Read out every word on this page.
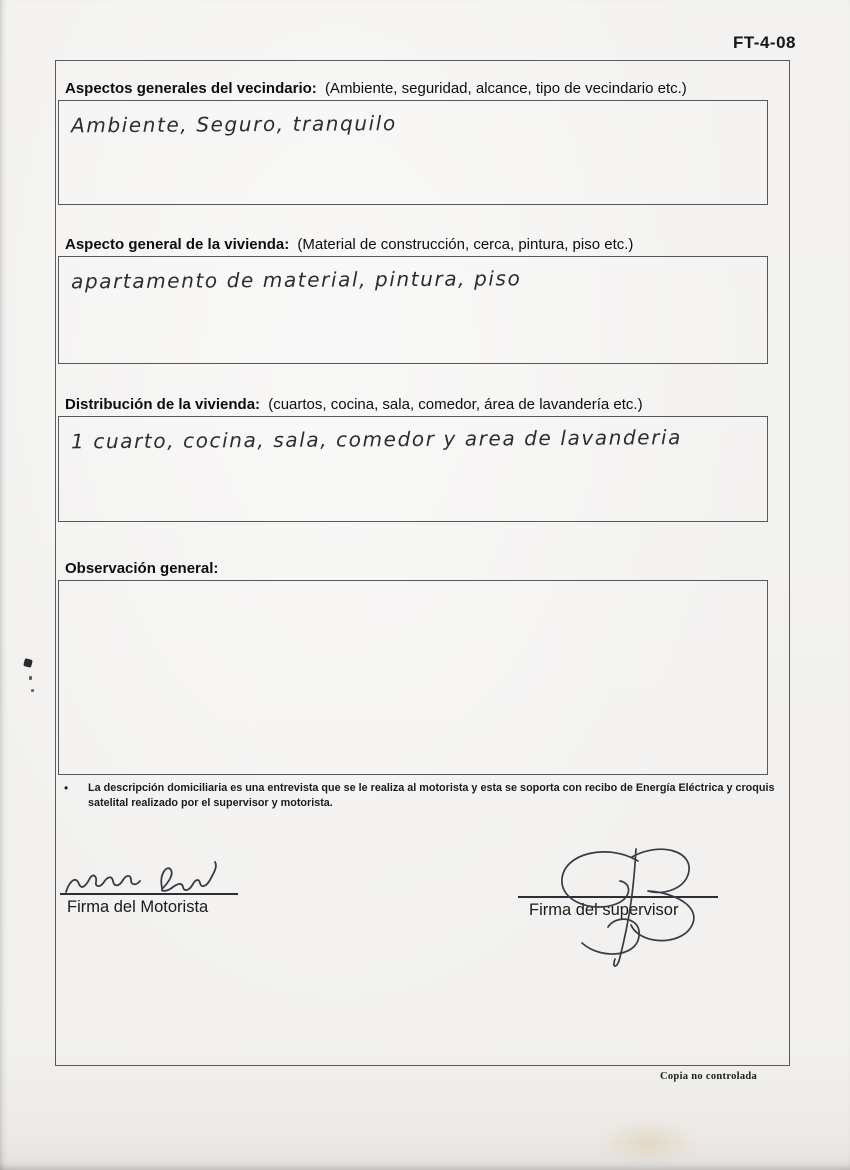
FT-4-08
Aspectos generales del vecindario: (Ambiente, seguridad, alcance, tipo de vecindario etc.)
Ambiente, Seguro, tranquilo
Aspecto general de la vivienda: (Material de construcción, cerca, pintura, piso etc.)
apartamento de material, pintura, piso
Distribución de la vivienda: (cuartos, cocina, sala, comedor, área de lavandería etc.)
1 cuarto, cocina, sala, comedor y area de lavanderia
Observación general:
• La descripción domiciliaria es una entrevista que se le realiza al motorista y esta se soporta con recibo de Energía Eléctrica y croquis satelital realizado por el supervisor y motorista.
Firma del Motorista	Firma del supervisor
Copia no controlada
